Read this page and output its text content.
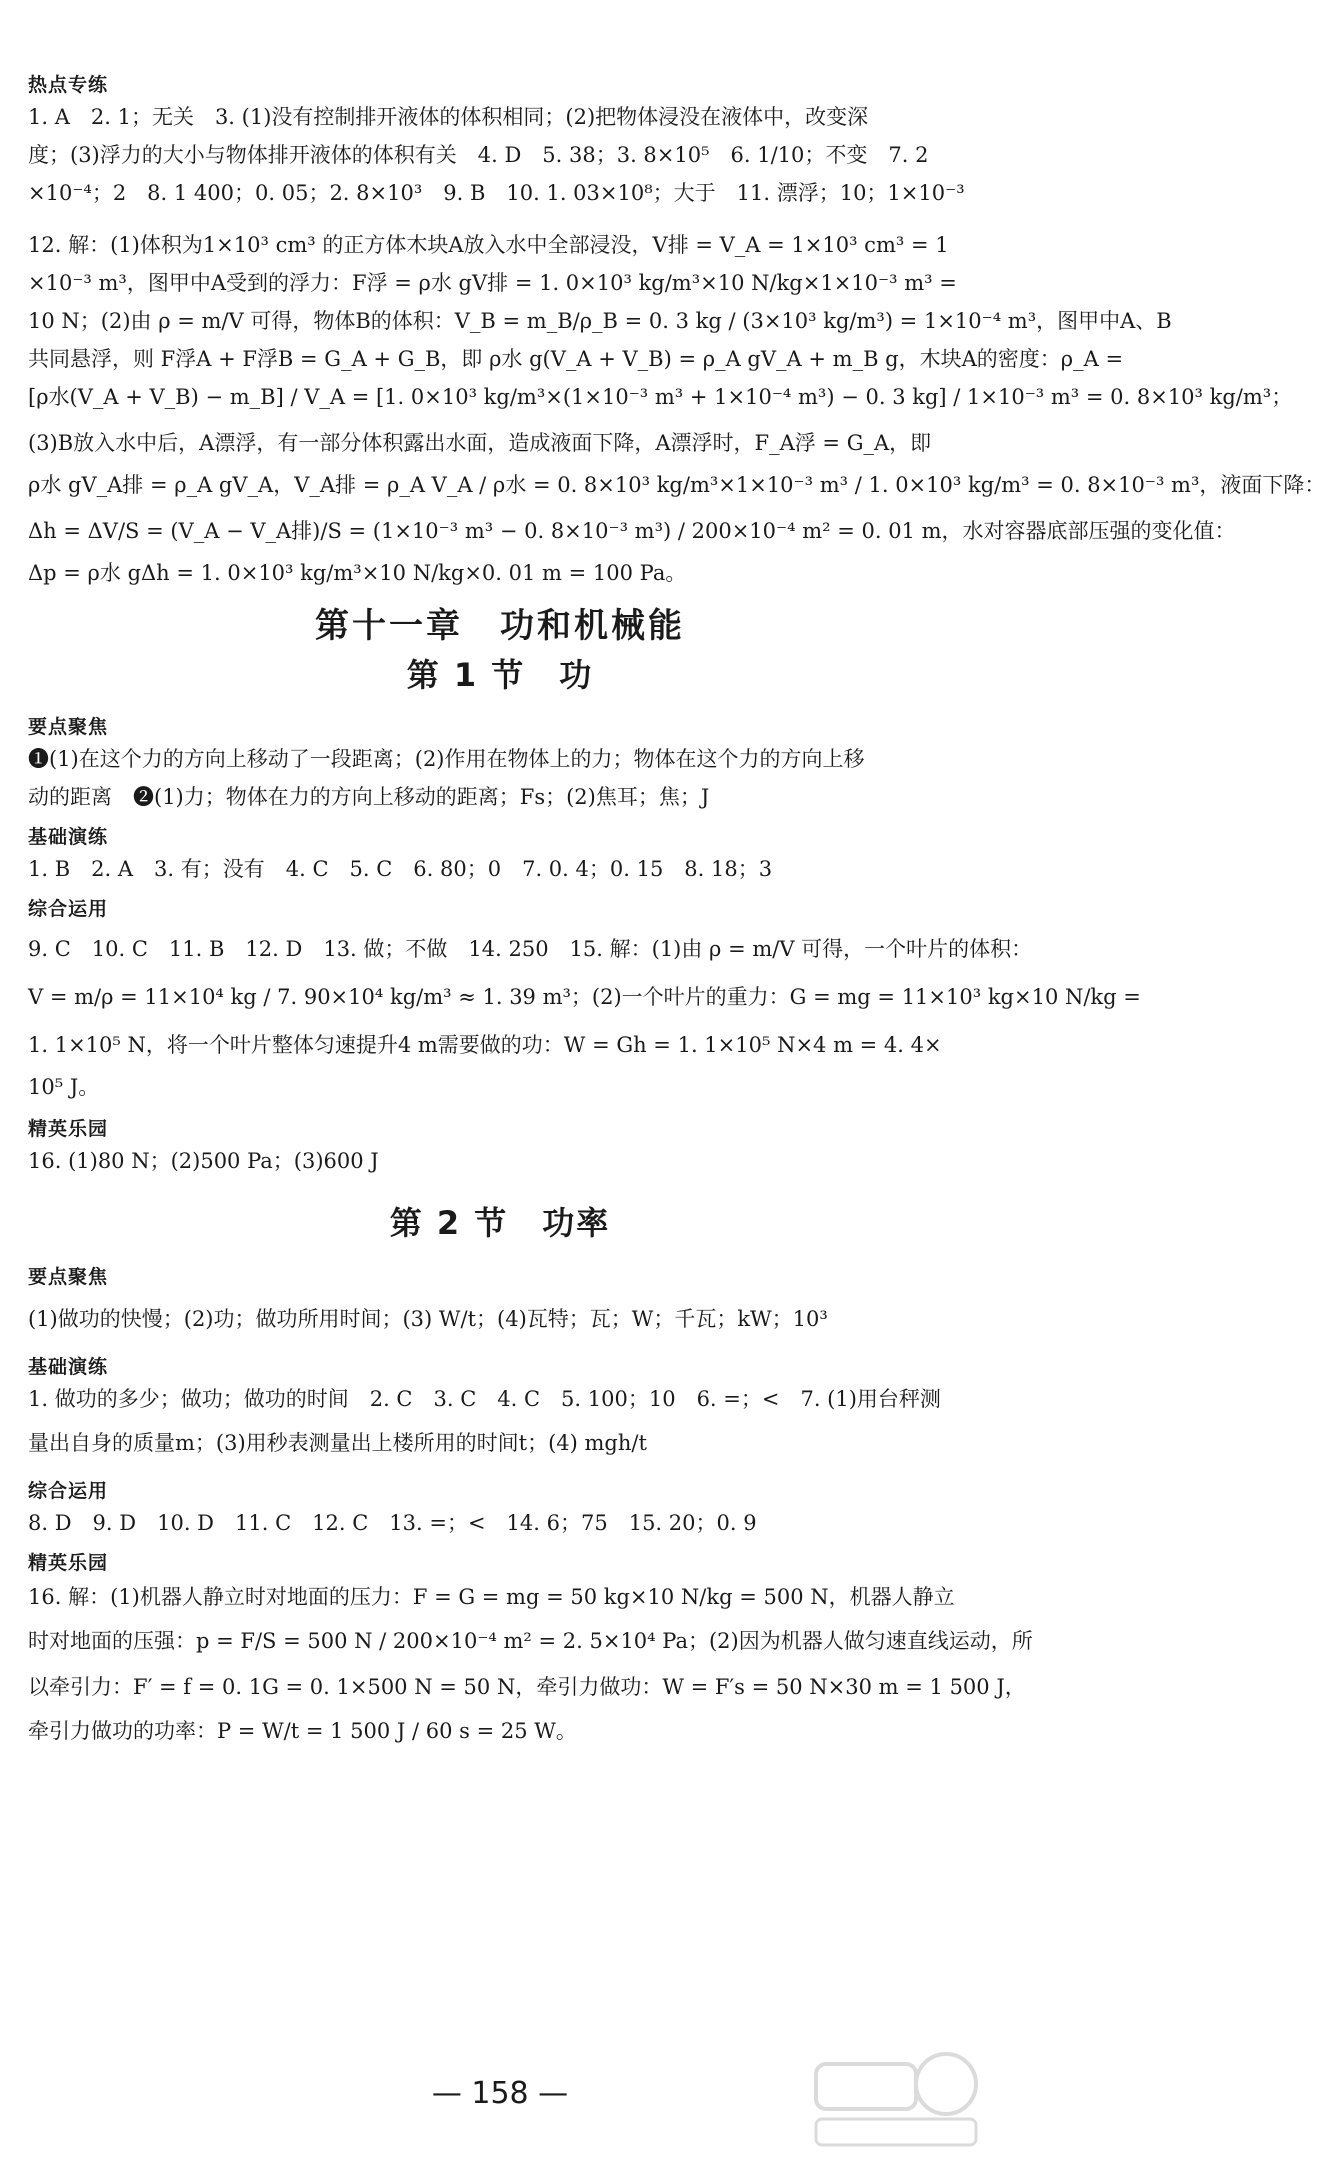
热点专练
1. A　2. 1；无关　3. (1)没有控制排开液体的体积相同；(2)把物体浸没在液体中，改变深
度；(3)浮力的大小与物体排开液体的体积有关　4. D　5. 38；3. 8×10⁵　6. 1/10；不变　7. 2
×10⁻⁴；2　8. 1 400；0. 05；2. 8×10³　9. B　10. 1. 03×10⁸；大于　11. 漂浮；10；1×10⁻³
12. 解：(1)体积为1×10³ cm³ 的正方体木块A放入水中全部浸没，V排 = V_A = 1×10³ cm³ = 1
×10⁻³ m³，图甲中A受到的浮力：F浮 = ρ水 gV排 = 1. 0×10³ kg/m³×10 N/kg×1×10⁻³ m³ =
10 N；(2)由 ρ = m/V 可得，物体B的体积：V_B = m_B/ρ_B = 0. 3 kg / (3×10³ kg/m³) = 1×10⁻⁴ m³，图甲中A、B
共同悬浮，则 F浮A + F浮B = G_A + G_B，即 ρ水 g(V_A + V_B) = ρ_A gV_A + m_B g，木块A的密度：ρ_A =
[ρ水(V_A + V_B) − m_B] / V_A = [1. 0×10³ kg/m³×(1×10⁻³ m³ + 1×10⁻⁴ m³) − 0. 3 kg] / 1×10⁻³ m³ = 0. 8×10³ kg/m³；
(3)B放入水中后，A漂浮，有一部分体积露出水面，造成液面下降，A漂浮时，F_A浮 = G_A，即
ρ水 gV_A排 = ρ_A gV_A，V_A排 = ρ_A V_A / ρ水 = 0. 8×10³ kg/m³×1×10⁻³ m³ / 1. 0×10³ kg/m³ = 0. 8×10⁻³ m³，液面下降：
Δh = ΔV/S = (V_A − V_A排)/S = (1×10⁻³ m³ − 0. 8×10⁻³ m³) / 200×10⁻⁴ m² = 0. 01 m，水对容器底部压强的变化值：
Δp = ρ水 gΔh = 1. 0×10³ kg/m³×10 N/kg×0. 01 m = 100 Pa。
第十一章　功和机械能
第 1 节　功
要点聚焦
❶(1)在这个力的方向上移动了一段距离；(2)作用在物体上的力；物体在这个力的方向上移
动的距离　❷(1)力；物体在力的方向上移动的距离；Fs；(2)焦耳；焦；J
基础演练
1. B　2. A　3. 有；没有　4. C　5. C　6. 80；0　7. 0. 4；0. 15　8. 18；3
综合运用
9. C　10. C　11. B　12. D　13. 做；不做　14. 250　15. 解：(1)由 ρ = m/V 可得，一个叶片的体积：
V = m/ρ = 11×10⁴ kg / 7. 90×10⁴ kg/m³ ≈ 1. 39 m³；(2)一个叶片的重力：G = mg = 11×10³ kg×10 N/kg =
1. 1×10⁵ N，将一个叶片整体匀速提升4 m需要做的功：W = Gh = 1. 1×10⁵ N×4 m = 4. 4×
10⁵ J。
精英乐园
16. (1)80 N；(2)500 Pa；(3)600 J
第 2 节　功率
要点聚焦
(1)做功的快慢；(2)功；做功所用时间；(3) W/t；(4)瓦特；瓦；W；千瓦；kW；10³
基础演练
1. 做功的多少；做功；做功的时间　2. C　3. C　4. C　5. 100；10　6. =；<　7. (1)用台秤测
量出自身的质量m；(3)用秒表测量出上楼所用的时间t；(4) mgh/t
综合运用
8. D　9. D　10. D　11. C　12. C　13. =；<　14. 6；75　15. 20；0. 9
精英乐园
16. 解：(1)机器人静立时对地面的压力：F = G = mg = 50 kg×10 N/kg = 500 N，机器人静立
时对地面的压强：p = F/S = 500 N / 200×10⁻⁴ m² = 2. 5×10⁴ Pa；(2)因为机器人做匀速直线运动，所
以牵引力：F′ = f = 0. 1G = 0. 1×500 N = 50 N，牵引力做功：W = F′s = 50 N×30 m = 1 500 J，
牵引力做功的功率：P = W/t = 1 500 J / 60 s = 25 W。
— 158 —
